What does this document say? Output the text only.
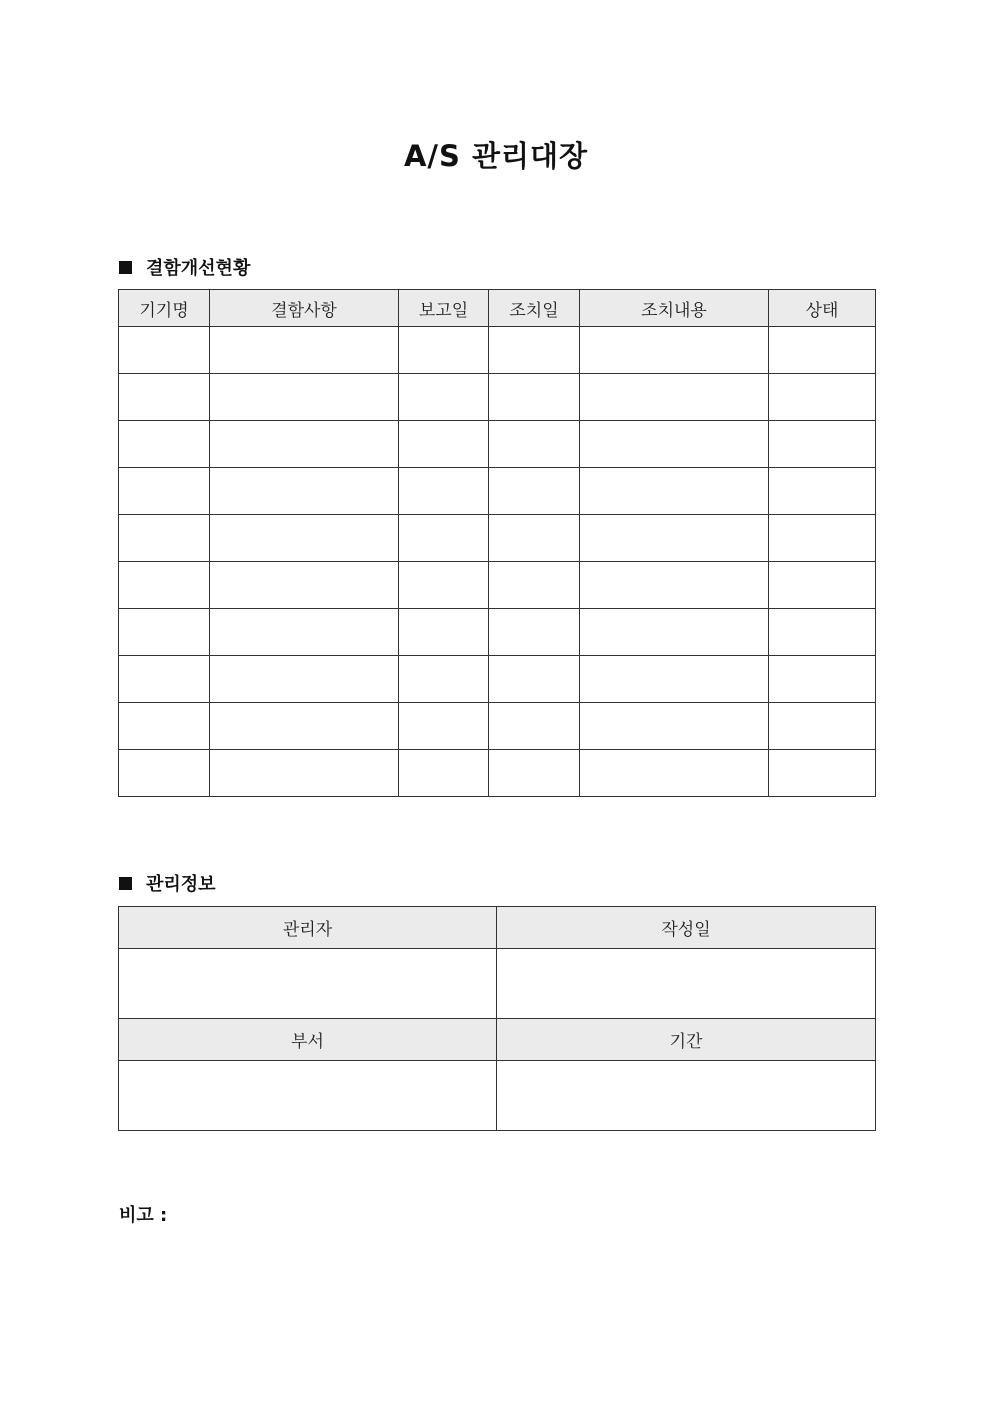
A/S 관리대장
결함개선현황
기기명	결함사항	보고일	조치일	조치내용	상태

관리정보
관리자	작성일

부서	기간

비고 :
